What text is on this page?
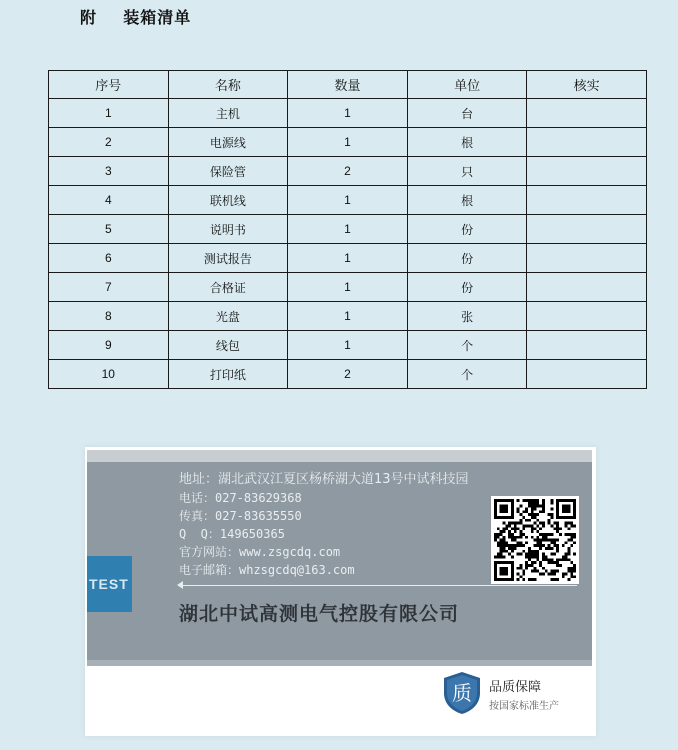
附    装箱清单
序号	名称	数量	单位	核实
1	主机	1	台	
2	电源线	1	根	
3	保险管	2	只	
4	联机线	1	根	
5	说明书	1	份	
6	测试报告	1	份	
7	合格证	1	份	
8	光盘	1	张	
9	线包	1	个	
10	打印纸	2	个	
TEST
地址：湖北武汉江夏区杨桥湖大道13号中试科技园
电话：027-83629368
传真：027-83635550
Q  Q：149650365
官方网站：www.zsgcdq.com
电子邮箱：whzsgcdq@163.com
湖北中试高测电气控股有限公司
质 品质保障
按国家标准生产
